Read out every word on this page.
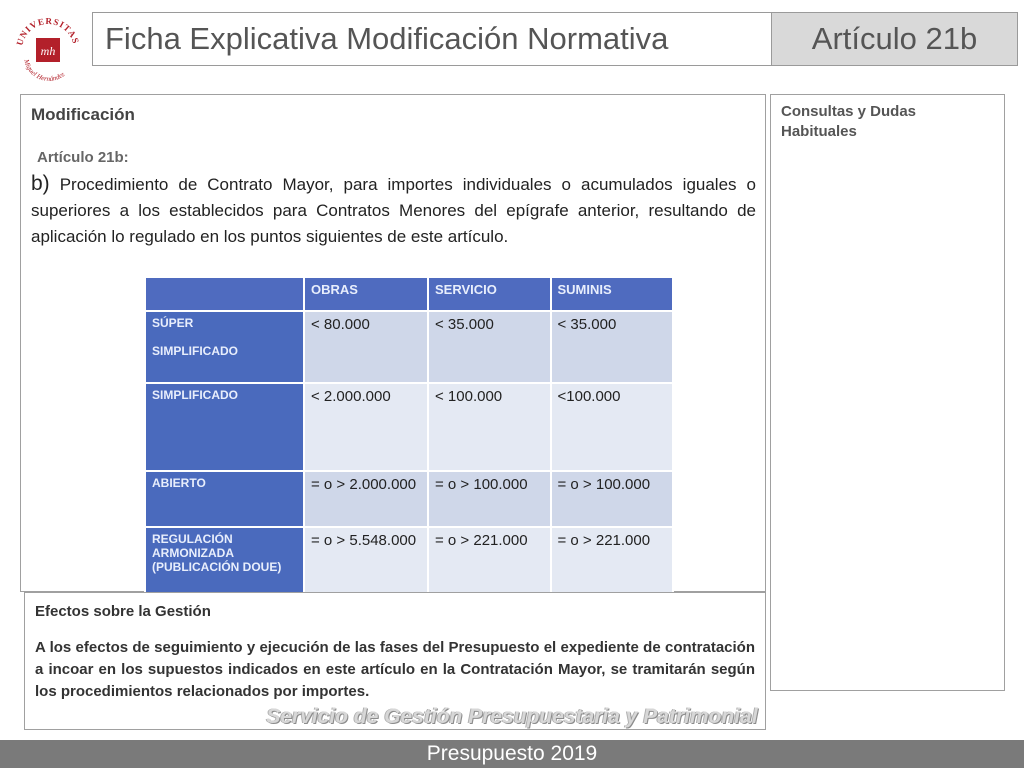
UNIVERSITAS
Miguel Hernández
mh	Ficha Explicativa Modificación Normativa	Artículo 21b
Modificación
Artículo 21b:
b) Procedimiento de Contrato Mayor, para importes individuales o acumulados iguales o superiores a los establecidos para Contratos Menores del epígrafe anterior, resultando de aplicación lo regulado en los puntos siguientes de este artículo.
	OBRAS	SERVICIO	SUMINIS

SÚPER
SIMPLIFICADO	< 80.000	< 35.000	< 35.000
SIMPLIFICADO	< 2.000.000	< 100.000	<100.000
ABIERTO	= o > 2.000.000	= o > 100.000	= o > 100.000
REGULACIÓN ARMONIZADA (PUBLICACIÓN DOUE)	= o > 5.548.000	= o > 221.000	= o > 221.000
Consultas y Dudas Habituales
Efectos sobre la Gestión
A los efectos de seguimiento y ejecución de las fases del Presupuesto el expediente de contratación a incoar en los supuestos indicados en este artículo en la Contratación Mayor, se tramitarán según los procedimientos relacionados por importes.
Servicio de Gestión Presupuestaria y Patrimonial
Presupuesto 2019
